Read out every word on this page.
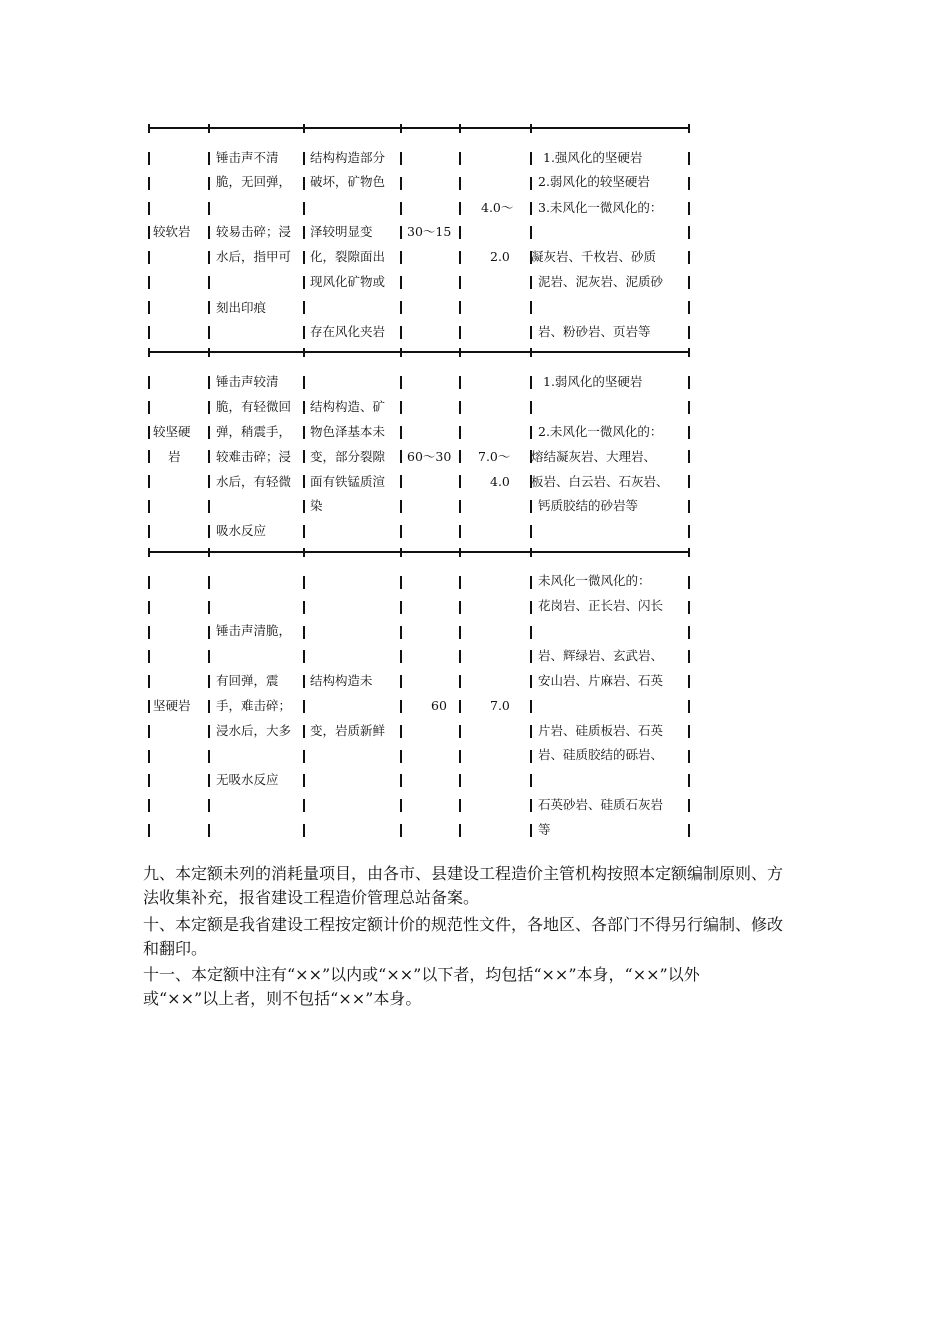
较软岩
锤击声不清
脆，无回弹，
较易击碎；浸
水后，指甲可
刻出印痕
结构构造部分
破坏，矿物色
泽较明显变
化，裂隙面出
现风化矿物或
存在风化夹岩
30～15
4.0～
2.0
1.强风化的坚硬岩
2.弱风化的较坚硬岩
3.未风化一微风化的：
凝灰岩、千枚岩、砂质
泥岩、泥灰岩、泥质砂
岩、粉砂岩、页岩等
较坚硬
岩
锤击声较清
脆，有轻微回
弹，稍震手，
较难击碎；浸
水后，有轻微
吸水反应
结构构造、矿
物色泽基本未
变，部分裂隙
面有铁锰质渲
染
60～30 7.0～
4.0
1.弱风化的坚硬岩
2.未风化一微风化的：
熔结凝灰岩、大理岩、
板岩、白云岩、石灰岩、
钙质胶结的砂岩等
坚硬岩
锤击声清脆，
有回弹，震
手，难击碎；
浸水后，大多
无吸水反应
结构构造未
变，岩质新鲜
60	7.0
未风化一微风化的：
花岗岩、正长岩、闪长
岩、辉绿岩、玄武岩、
安山岩、片麻岩、石英
片岩、硅质板岩、石英
岩、硅质胶结的砾岩、
石英砂岩、硅质石灰岩
等

九、本定额未列的消耗量项目，由各市、县建设工程造价主管机构按照本定额编制原则、方

法收集补充，报省建设工程造价管理总站备案。

十、本定额是我省建设工程按定额计价的规范性文件，各地区、各部门不得另行编制、修改

和翻印。

十一、本定额中注有“××”以内或“××”以下者，均包括“××”本身，“××”以外

或“××”以上者，则不包括“××”本身。
